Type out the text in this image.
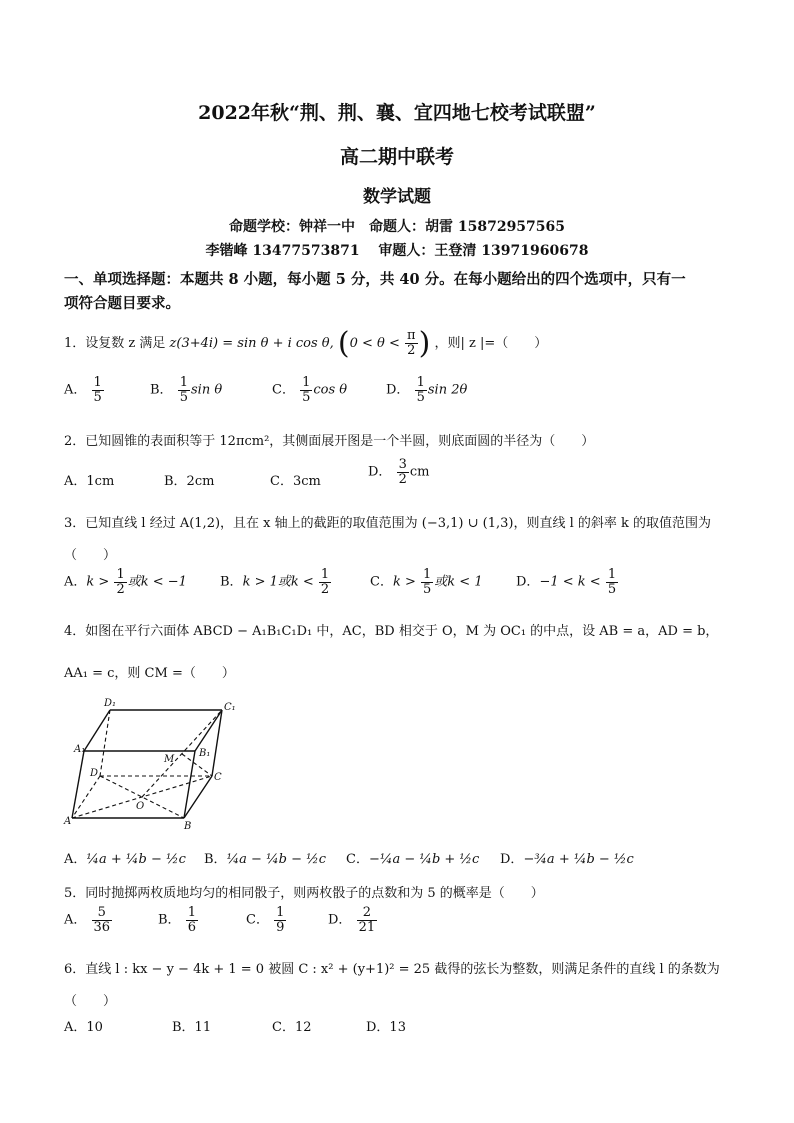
2022年秋“荆、荆、襄、宜四地七校考试联盟”
高二期中联考
数学试题
命题学校：钟祥一中　命题人：胡雷 15872957565
李锴峰 13477573871　 审题人：王登清 13971960678
一、单项选择题：本题共 8 小题，每小题 5 分，共 40 分。在每小题给出的四个选项中，只有一
项符合题目要求。
1．设复数 z 满足 z(3+4i) = sin θ + i cos θ, ($0 < \theta < \frac{\pi}{2}$ ) ，则| z |=（　　）
A． $\frac{1}{5}$	B． $\frac{1}{5}$ sin θ	C． $\frac{1}{5}$ cos θ	D． $\frac{1}{5}$ sin 2θ
2．已知圆锥的表面积等于 12πcm²，其侧面展开图是一个半圆，则底面圆的半径为（　　）
A．1cm	B．2cm	C．3cm
D． $\frac{3}{2}$ cm
3．已知直线 l 经过 A(1,2)，且在 x 轴上的截距的取值范围为 (−3,1) ∪ (1,3)，则直线 l 的斜率 k 的取值范围为
（　　）
A．$k > \frac{1}{2}$ 或k < −1	B．k > 1或$k < \frac{1}{2}$	C．$k > \frac{1}{5}$ 或k < 1	D．$-1 < k < \frac{1}{5}$
4．如图在平行六面体 ABCD − A₁B₁C₁D₁ 中，AC，BD 相交于 O，M 为 OC₁ 的中点，设 AB = a，AD = b，
AA₁ = c，则 CM =（　　）
D₁	C₁
A₁	B₁
D
M
C
O
A	B
A．¼a + ¼b − ½c B．¼a − ¼b − ½c C．−¼a − ¼b + ½c D．−¾a + ¼b − ½c
5．同时抛掷两枚质地均匀的相同骰子，则两枚骰子的点数和为 5 的概率是（　　）
A． $\frac{5}{36}$	B． $\frac{1}{6}$	C． $\frac{1}{9}$	D． $\frac{2}{21}$
6．直线 l : kx − y − 4k + 1 = 0 被圆 C : x² + (y+1)² = 25 截得的弦长为整数，则满足条件的直线 l 的条数为
（　　）
A．10	B．11	C．12	D．13
